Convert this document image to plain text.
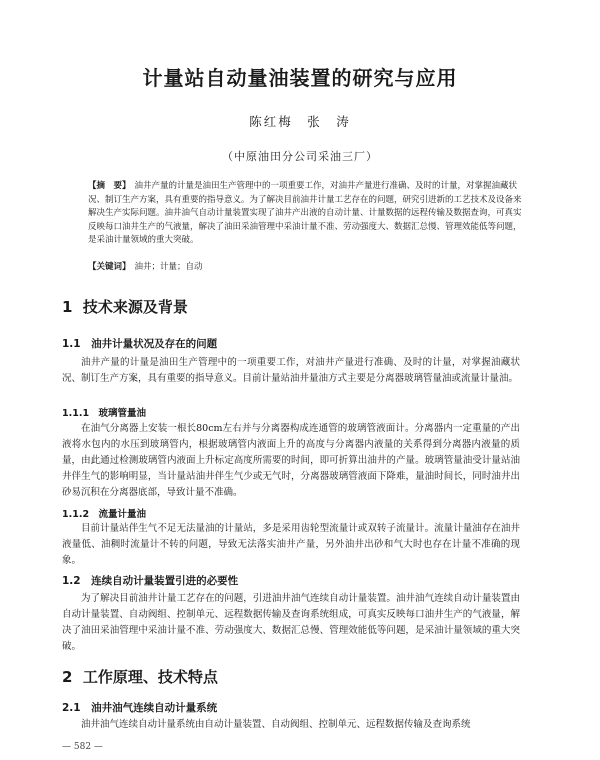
计量站自动量油装置的研究与应用
陈红梅　张　涛
（中原油田分公司采油三厂）
【摘　要】 油井产量的计量是油田生产管理中的一项重要工作，对油井产量进行准确、及时的计量，对掌握油藏状况、制订生产方案，具有重要的指导意义。为了解决目前油井计量工艺存在的问题，研究引进新的工艺技术及设备来解决生产实际问题。油井油气自动计量装置实现了油井产出液的自动计量、计量数据的远程传输及数据查询，可真实反映每口油井生产的气液量，解决了油田采油管理中采油计量不准、劳动强度大、数据汇总慢、管理效能低等问题，是采油计量领域的重大突破。
【关键词】 油井；计量；自动
1 技术来源及背景
1.1　油井计量状况及存在的问题

油井产量的计量是油田生产管理中的一项重要工作，对油井产量进行准确、及时的计量，对掌握油藏状况、制订生产方案，具有重要的指导意义。目前计量站油井量油方式主要是分离器玻璃管量油或流量计量油。

1.1.1　玻璃管量油

在油气分离器上安装一根长80cm左右并与分离器构成连通管的玻璃管液面计。分离器内一定重量的产出液将水包内的水压到玻璃管内，根据玻璃管内液面上升的高度与分离器内液量的关系得到分离器内液量的质量，由此通过检测玻璃管内液面上升标定高度所需要的时间，即可折算出油井的产量。玻璃管量油受计量站油井伴生气的影响明显，当计量站油井伴生气少或无气时，分离器玻璃管液面下降难，量油时间长，同时油井出砂易沉积在分离器底部，导致计量不准确。

1.1.2　流量计量油

目前计量站伴生气不足无法量油的计量站，多是采用齿轮型流量计或双转子流量计。流量计量油存在油井液量低、油稠时流量计不转的问题，导致无法落实油井产量，另外油井出砂和气大时也存在计量不准确的现象。

1.2　连续自动计量装置引进的必要性

为了解决目前油井计量工艺存在的问题，引进油井油气连续自动计量装置。油井油气连续自动计量装置由自动计量装置、自动阀组、控制单元、远程数据传输及查询系统组成，可真实反映每口油井生产的气液量，解决了油田采油管理中采油计量不准、劳动强度大、数据汇总慢、管理效能低等问题，是采油计量领域的重大突破。

2 工作原理、技术特点
2.1　油井油气连续自动计量系统

油井油气连续自动计量系统由自动计量装置、自动阀组、控制单元、远程数据传输及查询系统

— 582 —
